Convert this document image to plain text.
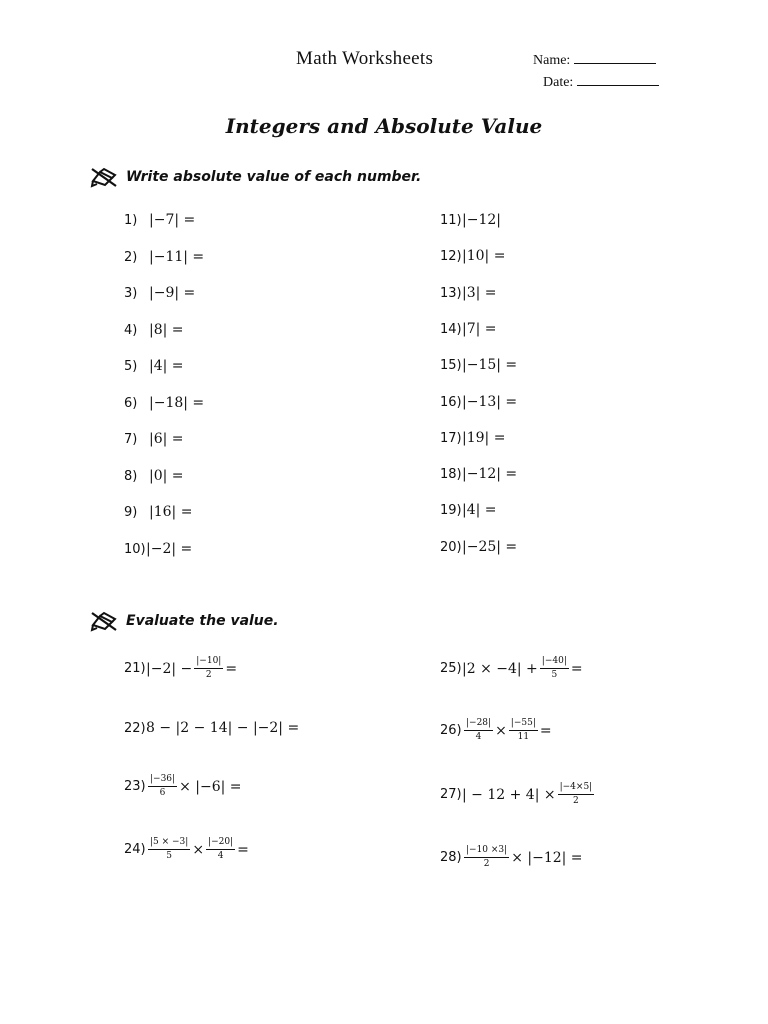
Math Worksheets	Name:
Date:
Integers and Absolute Value
Write absolute value of each number.
Evaluate the value.
21) $|-2| - \frac{|-10|}{2}$ =
22) 8 − |2 − 14| − |−2| =
$23) \frac{|-36|}{6} \times |-6|$ =
$24) \frac{|5 \times -3|}{5} \times \frac{|-20|}{4}$ =
25) $|2 \times -4| + \frac{|-40|}{5}$ =
$26) \frac{|-28|}{4} \times \frac{|-55|}{11}$ =
27) | − $12 + 4| \times \frac{|-4\times 5|}{2}$
$28) \frac{|-10 \times 3|}{2} \times |-12|$ =
1) |−7| =
2) |−11| =
3) |−9| =
4) |8| =
5) |4| =
6) |−18| =
7) |6| =
8) |0| =
9) |16| =
10) |−2| =
11) |−12|
12) |10| =
13) |3| =
14) |7| =
15) |−15| =
16) |−13| =
17) |19| =
18) |−12| =
19) |4| =
20) |−25| =
